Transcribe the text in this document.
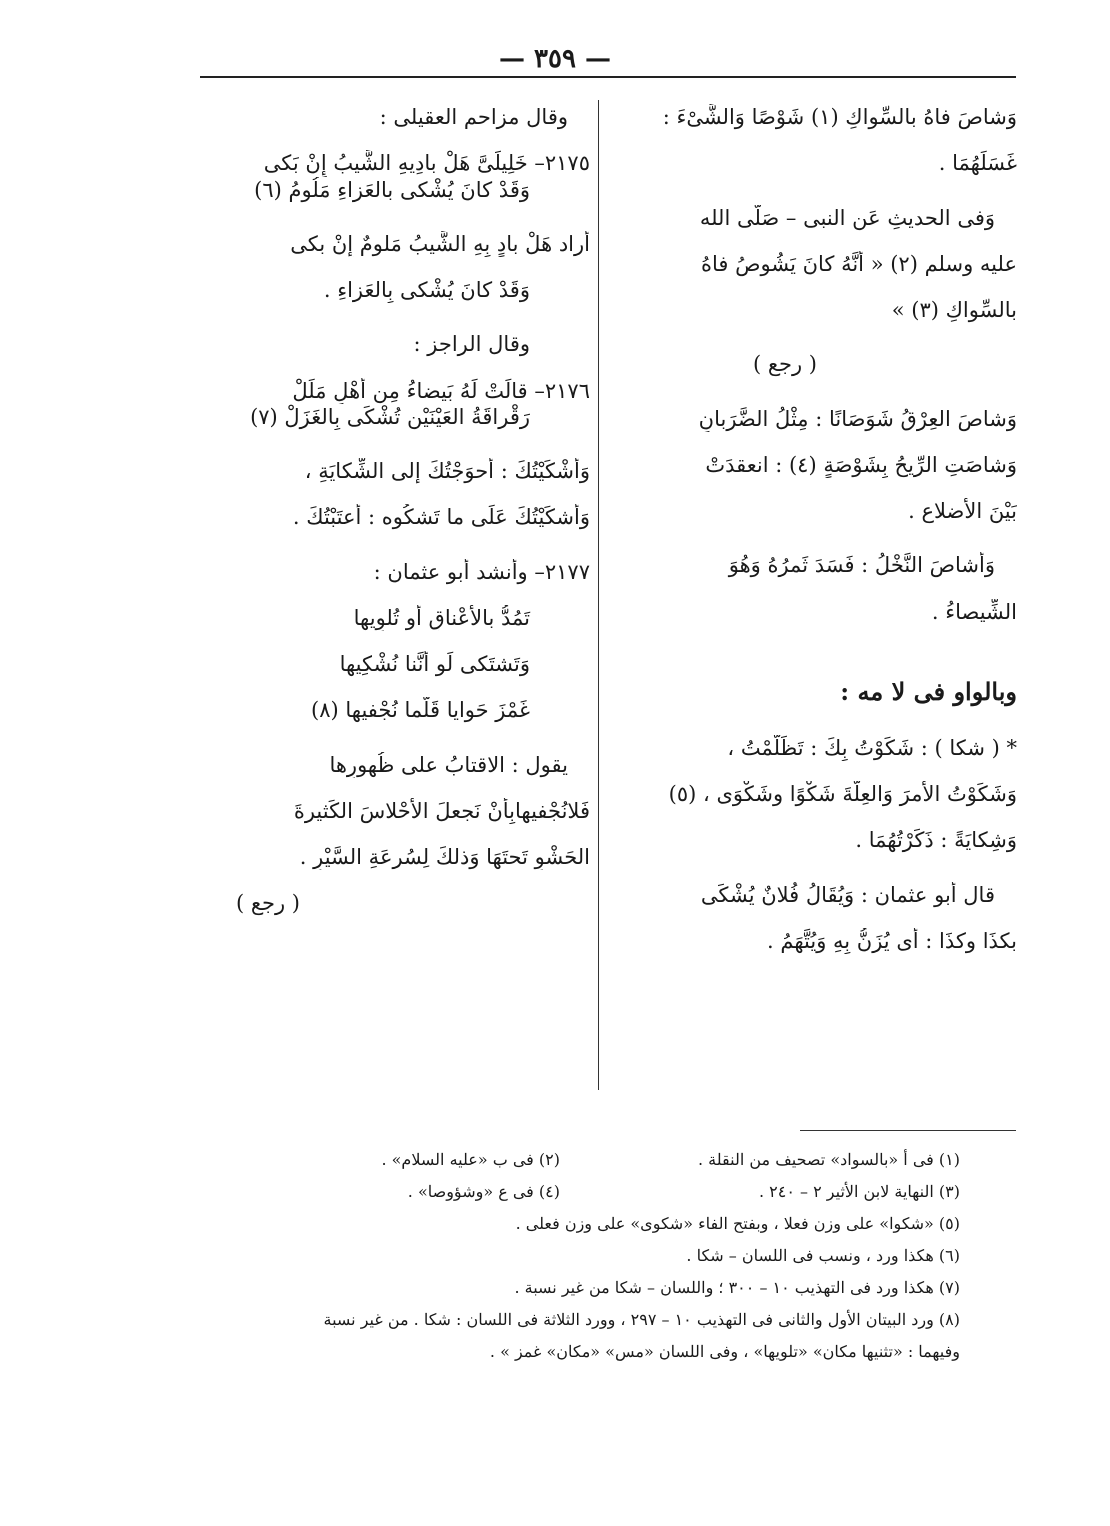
— ٣٥٩ —
وَشاصَ فاهُ بالسِّواكِ (١) شَوْصًا وَالشَّىْءَ :
غَسَلَهُمَا .
وَفى الحديثِ عَنِ النبى – صَلَّى الله
عليه وسلم (٢) « أَنَّهُ كانَ يَشُوصُ فاهُ
بالسِّواكِ (٣) »
( رجع )
وَشاصَ العِرْقُ شَوَصَانًا : مِثْلُ الضَّرَبانِ
وَشاصَتِ الرِّيحُ بِشَوْصَةٍ (٤) : انعقدَتْ
بَيْنَ الأَضلاعِ .
وَأَشاصَ النَّخْلُ : فَسَدَ ثَمرُهُ وَهُوَ
الشِّيصاءُ .
وبالواو فى لا مه :
* ( شكا ) : شَكَوْتُ بِكَ : تَظَلَّمْتُ ،
وَشَكَوْتُ الأَمرَ وَالعِلَّةَ شَكْوًا وشَكْوَى ، (٥)
وَشِكايَةً : ذَكَرْتُهُمَا .
قال أبو عثمان : وَيُقَالُ فُلانٌ يُشْكَى
بكذَا وكذَا : أَى يُزَنُّ بِهِ وَيُتَّهَمُ .
وقال مزاحم العقيلى :
٢١٧٥– خَلِيلَىَّ هَلْ بادِيهِ الشَّيبُ إِنْ بَكى
وَقَدْ كانَ يُشْكى بالعَزاءِ مَلُومُ (٦)
أراد هَلْ بادٍ بِهِ الشَّيبُ مَلومٌ إِنْ بكى
وَقَدْ كانَ يُشْكى بِالعَزاءِ .
وقال الراجز :
٢١٧٦– قالَتْ لَهُ بَيضاءُ مِن أَهْلِ مَلَلْ
رَقْراقَةُ العَيْنَيْنِ تُشْكَى بِالغَزَلْ (٧)
وَأَشْكَيْتُكَ : أَحوَجْتُكَ إلى الشِّكايَةِ ،
وَأَشكَيْتُكَ عَلَى ما تَشكُوه : أَعتَبْتُكَ .
٢١٧٧– وأنشد أبو عثمان :
تَمُدُّ بالأَعْناقِ أَو تُلوِيها
وَتَشتَكى لَو أَنَّنا نُشْكِيها
غَمْزَ حَوايا قَلَّما نُجْفيها (٨)
يقول : الاقتابُ على ظُهورِها
فَلانُجْفيهابِأَنْ نَجعلَ الأَحْلاسَ الكَثيرةَ
الحَشْوِ تَحتَهَا وَذلكَ لِسُرعَةِ السَّيْرِ .
( رجع )
(١) فى أ «بالسواد» تصحيف من النقلة .
(٢) فى ب «عليه السلام» .
(٣) النهاية لابن الأثير ٢ – ٢٤٠ .
(٤) فى ع «وشؤوصا» .
(٥) «شكوا» على وزن فعلا ، وبفتح الفاء «شكوى» على وزن فعلى .
(٦) هكذا ورد ، ونسب فى اللسان – شكا .
(٧) هكذا ورد فى التهذيب ١٠ – ٣٠٠ ؛ واللسان – شكا من غير نسبة .
(٨) ورد البيتان الأول والثانى فى التهذيب ١٠ – ٢٩٧ ، وورد الثلاثة فى اللسان : شكا . من غير نسبة
وفيهما : «تثنيها مكان» «تلويها» ، وفى اللسان «مس» «مكان» غمز » .
